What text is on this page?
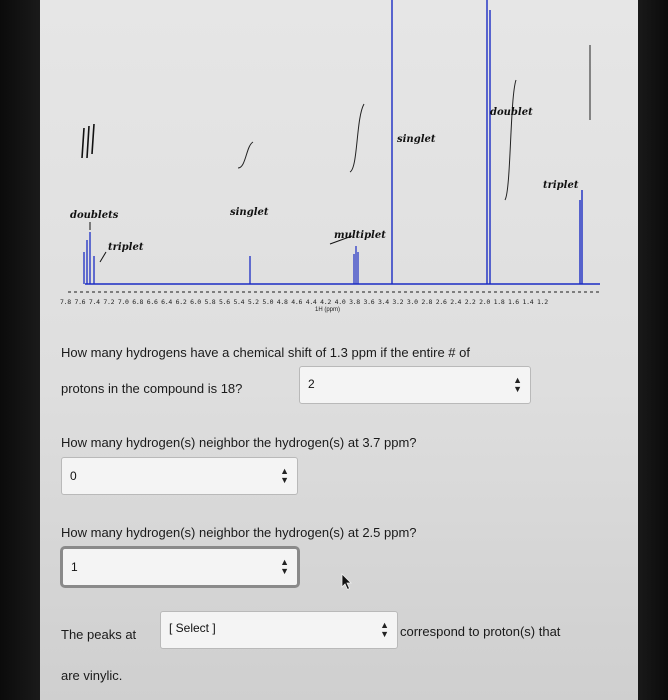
7.8 7.6 7.4 7.2 7.0 6.8 6.6 6.4 6.2 6.0 5.8 5.6 5.4 5.2 5.0 4.8 4.6 4.4 4.2 4.0 3.8 3.6 3.4 3.2 3.0 2.8 2.6 2.4 2.2 2.0 1.8 1.6 1.4 1.2
1H (ppm)
doublets
triplet
singlet
multiplet
singlet
doublet
triplet
How many hydrogens have a chemical shift of 1.3 ppm if the entire # of
protons in the compound is 18?	2	▲
▼
How many hydrogen(s) neighbor the hydrogen(s) at 3.7 ppm?
0	▲
▼
How many hydrogen(s) neighbor the hydrogen(s) at 2.5 ppm?
1	▲
▼
The peaks at	[ Select ]	▲
▼ correspond to proton(s) that
are vinylic.
